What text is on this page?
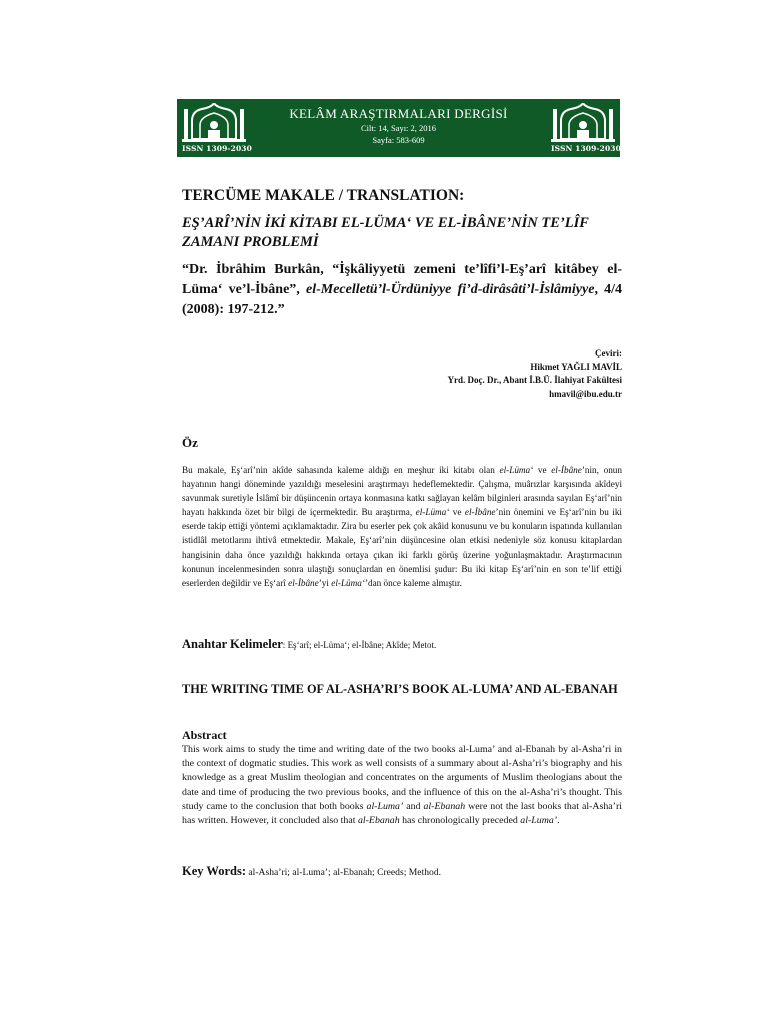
ISSN 1309-2030
KELÂM ARAŞTIRMALARI DERGİSİ
Cilt: 14, Sayı: 2, 2016
Sayfa: 583-609
ISSN 1309-2030
TERCÜME MAKALE / TRANSLATION:
EŞ’ARÎ’NİN İKİ KİTABI EL-LÜMA‘ VE EL-İBÂNE’NİN TE’LÎF ZAMANI PROBLEMİ
“Dr. İbrâhim Burkân, “İşkâliyyetü zemeni te’lîfi’l-Eş’arî kitâbey el-Lüma‘ ve’l-İbâne”, el-Mecelletü’l-Ürdüniyye fi’d-dirâsâti’l-İslâmiyye, 4/4 (2008): 197-212.”
Çeviri:
Hikmet YAĞLI MAVİL
Yrd. Doç. Dr., Abant İ.B.Ü. İlahiyat Fakültesi
hmavil@ibu.edu.tr
Öz
Bu makale, Eş‘arî’nin akîde sahasında kaleme aldığı en meşhur iki kitabı olan el-Lüma‘ ve el-İbâne’nin, onun hayatının hangi döneminde yazıldığı meselesini araştırmayı hedeflemektedir. Çalışma, muârızlar karşısında akîdeyi savunmak suretiyle İslâmî bir düşüncenin ortaya konmasına katkı sağlayan kelâm bilginleri arasında sayılan Eş‘arî’nin hayatı hakkında özet bir bilgi de içermektedir. Bu araştırma, el-Lüma‘ ve el-İbâne’nin önemini ve Eş‘arî’nin bu iki eserde takip ettiği yöntemi açıklamaktadır. Zira bu eserler pek çok akâid konusunu ve bu konuların ispatında kullanılan istidlâl metotlarını ihtivâ etmektedir. Makale, Eş‘arî’nin düşüncesine olan etkisi nedeniyle söz konusu kitaplardan hangisinin daha önce yazıldığı hakkında ortaya çıkan iki farklı görüş üzerine yoğunlaşmaktadır. Araştırmacının konunun incelenmesinden sonra ulaştığı sonuçlardan en önemlisi şudur: Bu iki kitap Eş‘arî’nin en son te’lif ettiği eserlerden değildir ve Eş‘arî el-İbâne’yi el-Lüma‘’dan önce kaleme almıştır.
Anahtar Kelimeler: Eş‘arî; el-Lüma‘; el-İbâne; Akîde; Metot.
THE WRITING TIME OF AL-ASHA’RI’S BOOK AL-LUMA’ AND AL-EBANAH
Abstract
This work aims to study the time and writing date of the two books al-Luma’ and al-Ebanah by al-Asha’ri in the context of dogmatic studies. This work as well consists of a summary about al-Asha’ri’s biography and his knowledge as a great Muslim theologian and concentrates on the arguments of Muslim theologians about the date and time of producing the two previous books, and the influence of this on the al-Asha’ri’s thought. This study came to the conclusion that both books al-Luma’ and al-Ebanah were not the last books that al-Asha’ri has written. However, it concluded also that al-Ebanah has chronologically preceded al-Luma’.
Key Words: al-Asha’ri; al-Luma’; al-Ebanah; Creeds; Method.
